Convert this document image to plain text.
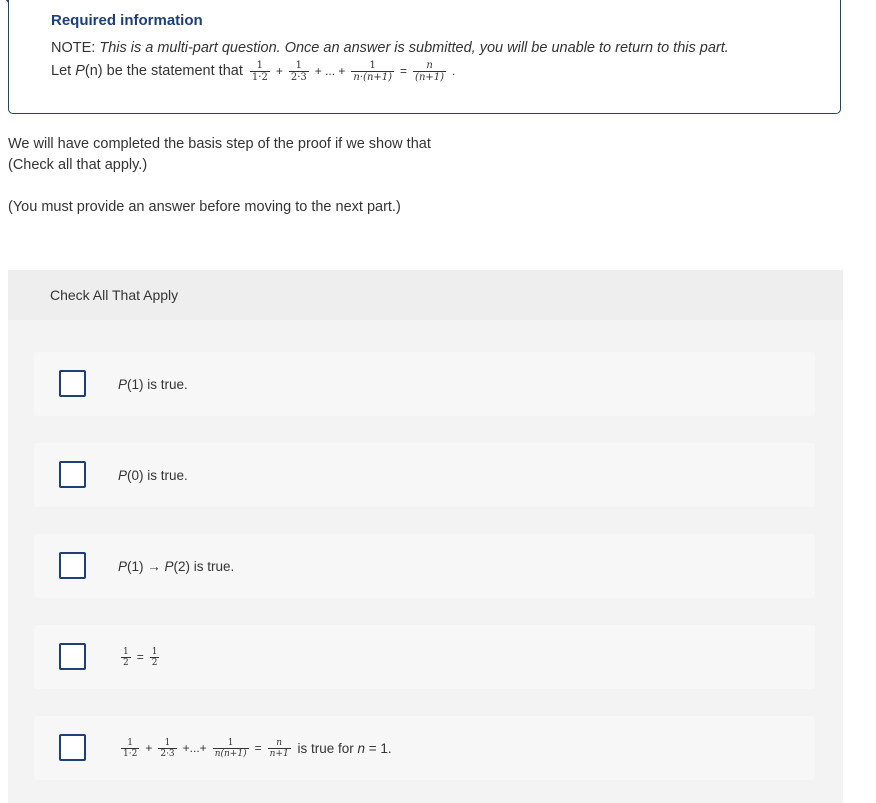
Required information
NOTE: This is a multi-part question. Once an answer is submitted, you will be unable to return to this part.
Let
P (n)
be the statement that
$\frac{1}{1\cdot 2} + \frac{1}{2\cdot 3}$ + ... + $\frac{1}{n\cdot(n+1)} = \frac{n}{(n+1)}$ .
We will have completed the basis step of the proof if we show that
(Check all that apply.)
(You must provide an answer before moving to the next part.)
Check All That Apply
P (1) is true.
P (0) is true.
P (1) →
P (2) is true.
$\frac{1}{2} = \frac{1}{2}$
$\frac{1}{1\cdot 2} + \frac{1}{2\cdot 3}$ +...+ $\frac{1}{n(n+1)} = \frac{n}{n+1}$
is true for
n
= 1.
